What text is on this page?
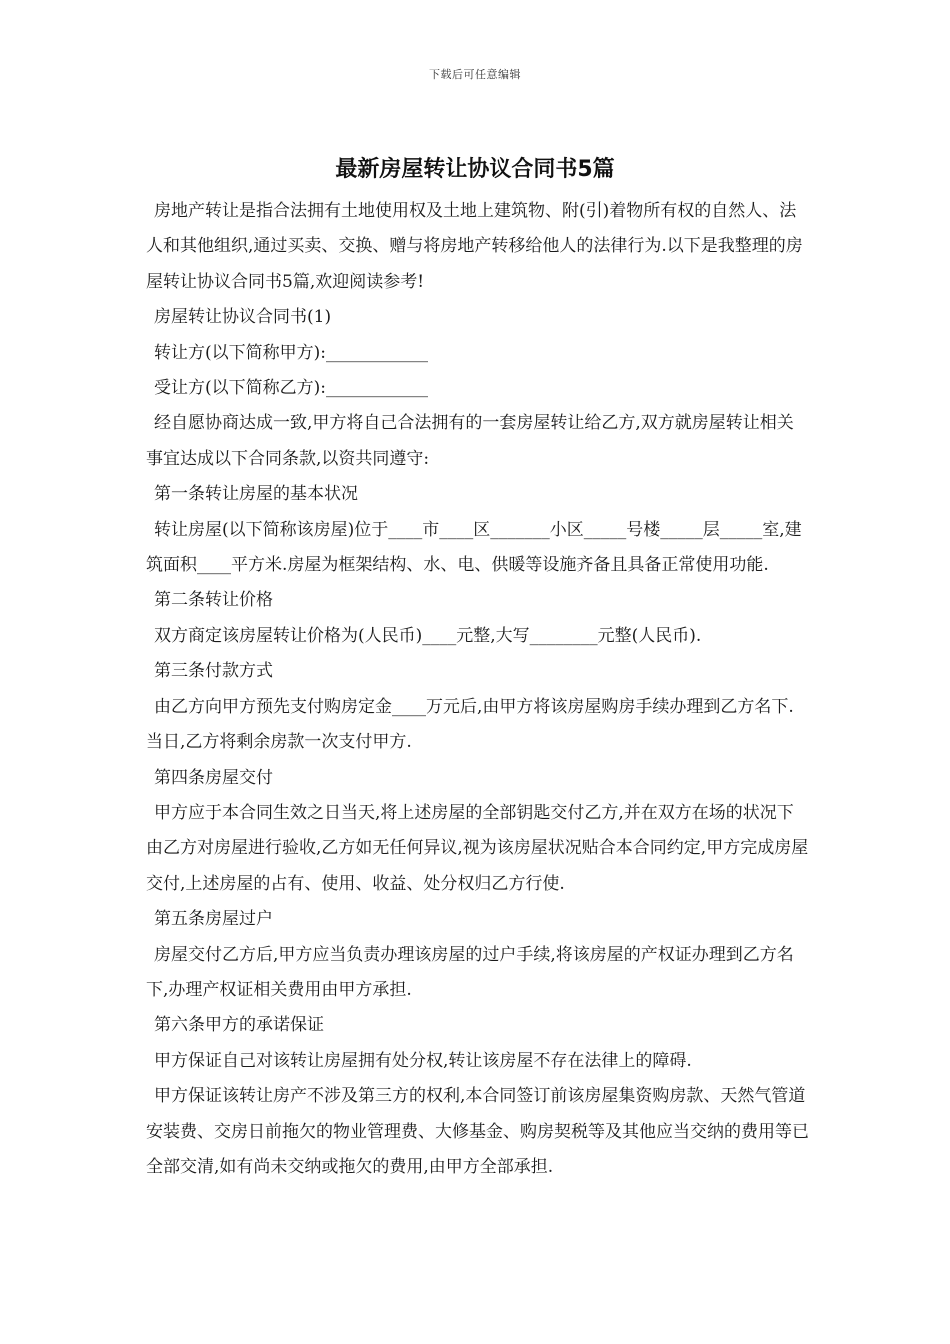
下载后可任意编辑
最新房屋转让协议合同书5篇

房地产转让是指合法拥有土地使用权及土地上建筑物、附(引)着物所有权的自然人、法人和其他组织,通过买卖、交换、赠与将房地产转移给他人的法律行为.以下是我整理的房屋转让协议合同书5篇,欢迎阅读参考!

房屋转让协议合同书(1)

转让方(以下简称甲方):____________

受让方(以下简称乙方):____________

经自愿协商达成一致,甲方将自己合法拥有的一套房屋转让给乙方,双方就房屋转让相关事宜达成以下合同条款,以资共同遵守:

第一条转让房屋的基本状况

转让房屋(以下简称该房屋)位于____市____区_______小区_____号楼_____层_____室,建筑面积____平方米.房屋为框架结构、水、电、供暖等设施齐备且具备正常使用功能.

第二条转让价格

双方商定该房屋转让价格为(人民币)____元整,大写________元整(人民币).

第三条付款方式

由乙方向甲方预先支付购房定金____万元后,由甲方将该房屋购房手续办理到乙方名下.当日,乙方将剩余房款一次支付甲方.

第四条房屋交付

甲方应于本合同生效之日当天,将上述房屋的全部钥匙交付乙方,并在双方在场的状况下由乙方对房屋进行验收,乙方如无任何异议,视为该房屋状况贴合本合同约定,甲方完成房屋交付,上述房屋的占有、使用、收益、处分权归乙方行使.

第五条房屋过户

房屋交付乙方后,甲方应当负责办理该房屋的过户手续,将该房屋的产权证办理到乙方名下,办理产权证相关费用由甲方承担.

第六条甲方的承诺保证

甲方保证自己对该转让房屋拥有处分权,转让该房屋不存在法律上的障碍.

甲方保证该转让房产不涉及第三方的权利,本合同签订前该房屋集资购房款、天然气管道安装费、交房日前拖欠的物业管理费、大修基金、购房契税等及其他应当交纳的费用等已全部交清,如有尚未交纳或拖欠的费用,由甲方全部承担.
